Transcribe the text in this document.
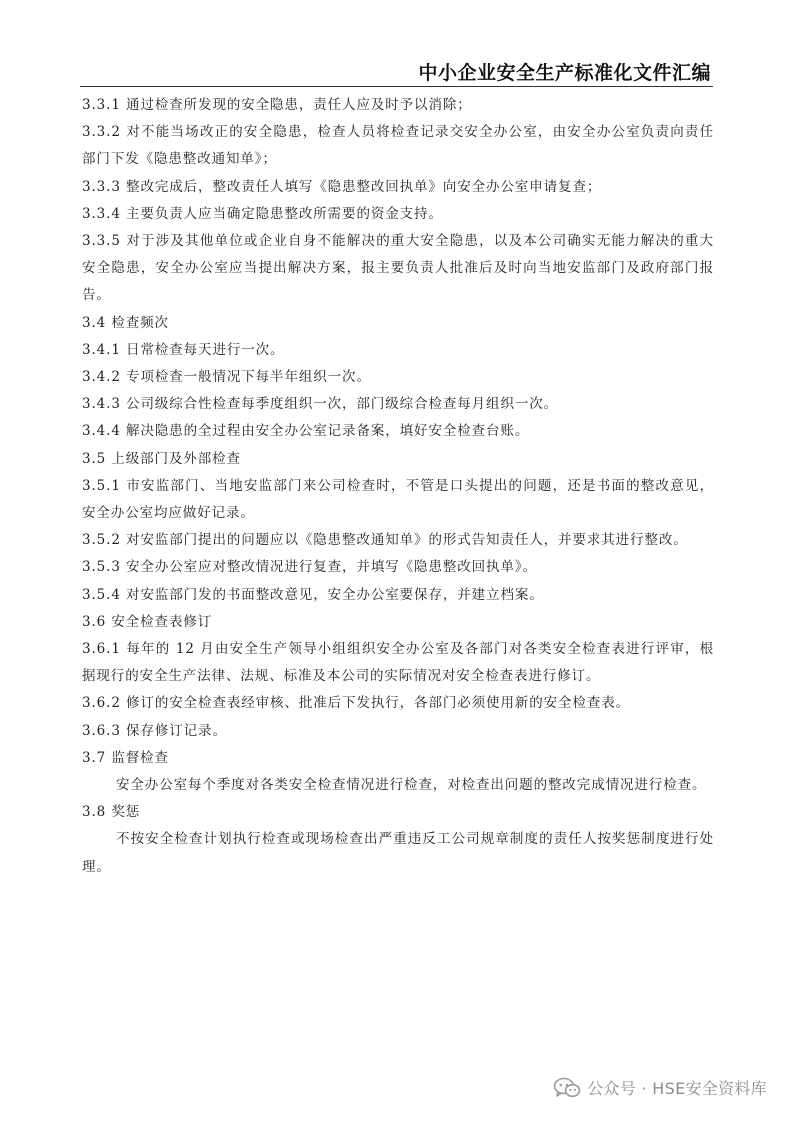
中小企业安全生产标准化文件汇编

3.3.1 通过检查所发现的安全隐患，责任人应及时予以消除；

3.3.2 对不能当场改正的安全隐患，检查人员将检查记录交安全办公室，由安全办公室负责向责任部门下发《隐患整改通知单》；

3.3.3 整改完成后，整改责任人填写《隐患整改回执单》向安全办公室申请复查；

3.3.4 主要负责人应当确定隐患整改所需要的资金支持。

3.3.5 对于涉及其他单位或企业自身不能解决的重大安全隐患，以及本公司确实无能力解决的重大安全隐患，安全办公室应当提出解决方案，报主要负责人批准后及时向当地安监部门及政府部门报告。

3.4 检查频次

3.4.1 日常检查每天进行一次。

3.4.2 专项检查一般情况下每半年组织一次。

3.4.3 公司级综合性检查每季度组织一次，部门级综合检查每月组织一次。

3.4.4 解决隐患的全过程由安全办公室记录备案，填好安全检查台账。

3.5 上级部门及外部检查

3.5.1 市安监部门、当地安监部门来公司检查时，不管是口头提出的问题，还是书面的整改意见，安全办公室均应做好记录。

3.5.2 对安监部门提出的问题应以《隐患整改通知单》的形式告知责任人，并要求其进行整改。

3.5.3 安全办公室应对整改情况进行复查，并填写《隐患整改回执单》。

3.5.4 对安监部门发的书面整改意见，安全办公室要保存，并建立档案。

3.6 安全检查表修订

3.6.1 每年的 12 月由安全生产领导小组组织安全办公室及各部门对各类安全检查表进行评审，根据现行的安全生产法律、法规、标准及本公司的实际情况对安全检查表进行修订。

3.6.2 修订的安全检查表经审核、批准后下发执行，各部门必须使用新的安全检查表。

3.6.3 保存修订记录。

3.7 监督检查

安全办公室每个季度对各类安全检查情况进行检查，对检查出问题的整改完成情况进行检查。

3.8 奖惩

不按安全检查计划执行检查或现场检查出严重违反工公司规章制度的责任人按奖惩制度进行处理。

公众号 · HSE安全资料库
